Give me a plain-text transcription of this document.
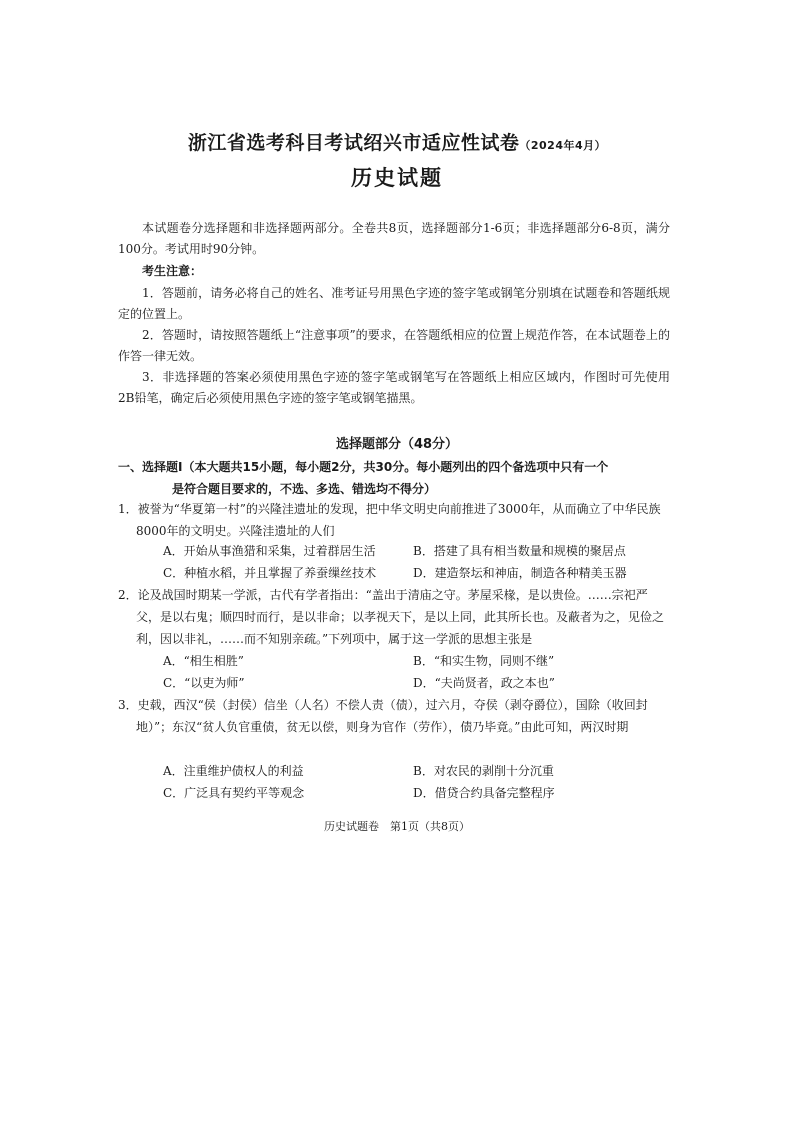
浙江省选考科目考试绍兴市适应性试卷（2024年4月）
历史试题
本试题卷分选择题和非选择题两部分。全卷共8页，选择题部分1-6页；非选择题部分6-8页，满分100分。考试用时90分钟。
考生注意：
1．答题前，请务必将自己的姓名、准考证号用黑色字迹的签字笔或钢笔分别填在试题卷和答题纸规定的位置上。
2．答题时，请按照答题纸上“注意事项”的要求，在答题纸相应的位置上规范作答，在本试题卷上的作答一律无效。
3．非选择题的答案必须使用黑色字迹的签字笔或钢笔写在答题纸上相应区域内，作图时可先使用2B铅笔，确定后必须使用黑色字迹的签字笔或钢笔描黑。
选择题部分（48分）
一、选择题Ⅰ（本大题共15小题，每小题2分，共30分。每小题列出的四个备选项中只有一个
是符合题目要求的，不选、多选、错选均不得分）
1．被誉为“华夏第一村”的兴隆洼遗址的发现，把中华文明史向前推进了3000年，从而确立了中华民族8000年的文明史。兴隆洼遗址的人们
A．开始从事渔猎和采集，过着群居生活	B．搭建了具有相当数量和规模的聚居点
C．种植水稻，并且掌握了养蚕缫丝技术	D．建造祭坛和神庙，制造各种精美玉器
2．论及战国时期某一学派，古代有学者指出：“盖出于清庙之守。茅屋采椽，是以贵俭。……宗祀严父，是以右鬼；顺四时而行，是以非命；以孝视天下，是以上同，此其所长也。及蔽者为之，见俭之利，因以非礼，……而不知别亲疏。”下列项中，属于这一学派的思想主张是
A．“相生相胜”	B．“和实生物，同则不继”
C．“以吏为师”	D．“夫尚贤者，政之本也”
3．史载，西汉“侯（封侯）信坐（人名）不偿人责（债），过六月，夺侯（剥夺爵位），国除（收回封地）”；东汉“贫人负官重债，贫无以偿，则身为官作（劳作），债乃毕竟。”由此可知，两汉时期
A．注重维护债权人的利益	B．对农民的剥削十分沉重
C．广泛具有契约平等观念	D．借贷合约具备完整程序
历史试题卷　第1页（共8页）
